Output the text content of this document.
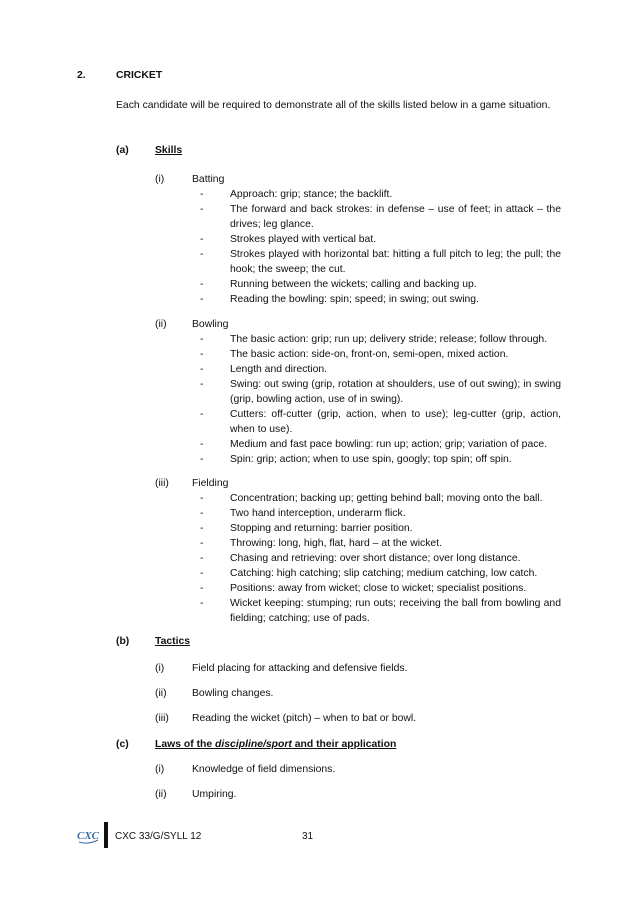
2.	CRICKET
Each candidate will be required to demonstrate all of the skills listed below in a game situation.
(a)	Skills
(i)	Batting
-	Approach: grip; stance; the backlift.
-	The forward and back strokes: in defense – use of feet; in attack – the drives; leg glance.
-	Strokes played with vertical bat.
-	Strokes played with horizontal bat: hitting a full pitch to leg; the pull; the hook; the sweep; the cut.
-	Running between the wickets; calling and backing up.
-	Reading the bowling: spin; speed; in swing; out swing.
(ii) Bowling
-	The basic action: grip; run up; delivery stride; release; follow through.
-	The basic action: side-on, front-on, semi-open, mixed action.
-	Length and direction.
-	Swing: out swing (grip, rotation at shoulders, use of out swing); in swing (grip, bowling action, use of in swing).
-	Cutters: off-cutter (grip, action, when to use); leg-cutter (grip, action, when to use).
-	Medium and fast pace bowling: run up; action; grip; variation of pace.
-	Spin: grip; action; when to use spin, googly; top spin; off spin.
(iii) Fielding
-	Concentration; backing up; getting behind ball; moving onto the ball.
-	Two hand interception, underarm flick.
-	Stopping and returning: barrier position.
-	Throwing: long, high, flat, hard – at the wicket.
-	Chasing and retrieving: over short distance; over long distance.
-	Catching: high catching; slip catching; medium catching, low catch.
-	Positions: away from wicket; close to wicket; specialist positions.
-	Wicket keeping: stumping; run outs; receiving the ball from bowling and fielding; catching; use of pads.
(b) Tactics
(i)	Field placing for attacking and defensive fields.
(ii) Bowling changes.
(iii) Reading the wicket (pitch) – when to bat or bowl.
(c)	Laws of the discipline/sport and their application
(i)	Knowledge of field dimensions.
(ii) Umpiring.
CXC CXC 33/G/SYLL 12	31
